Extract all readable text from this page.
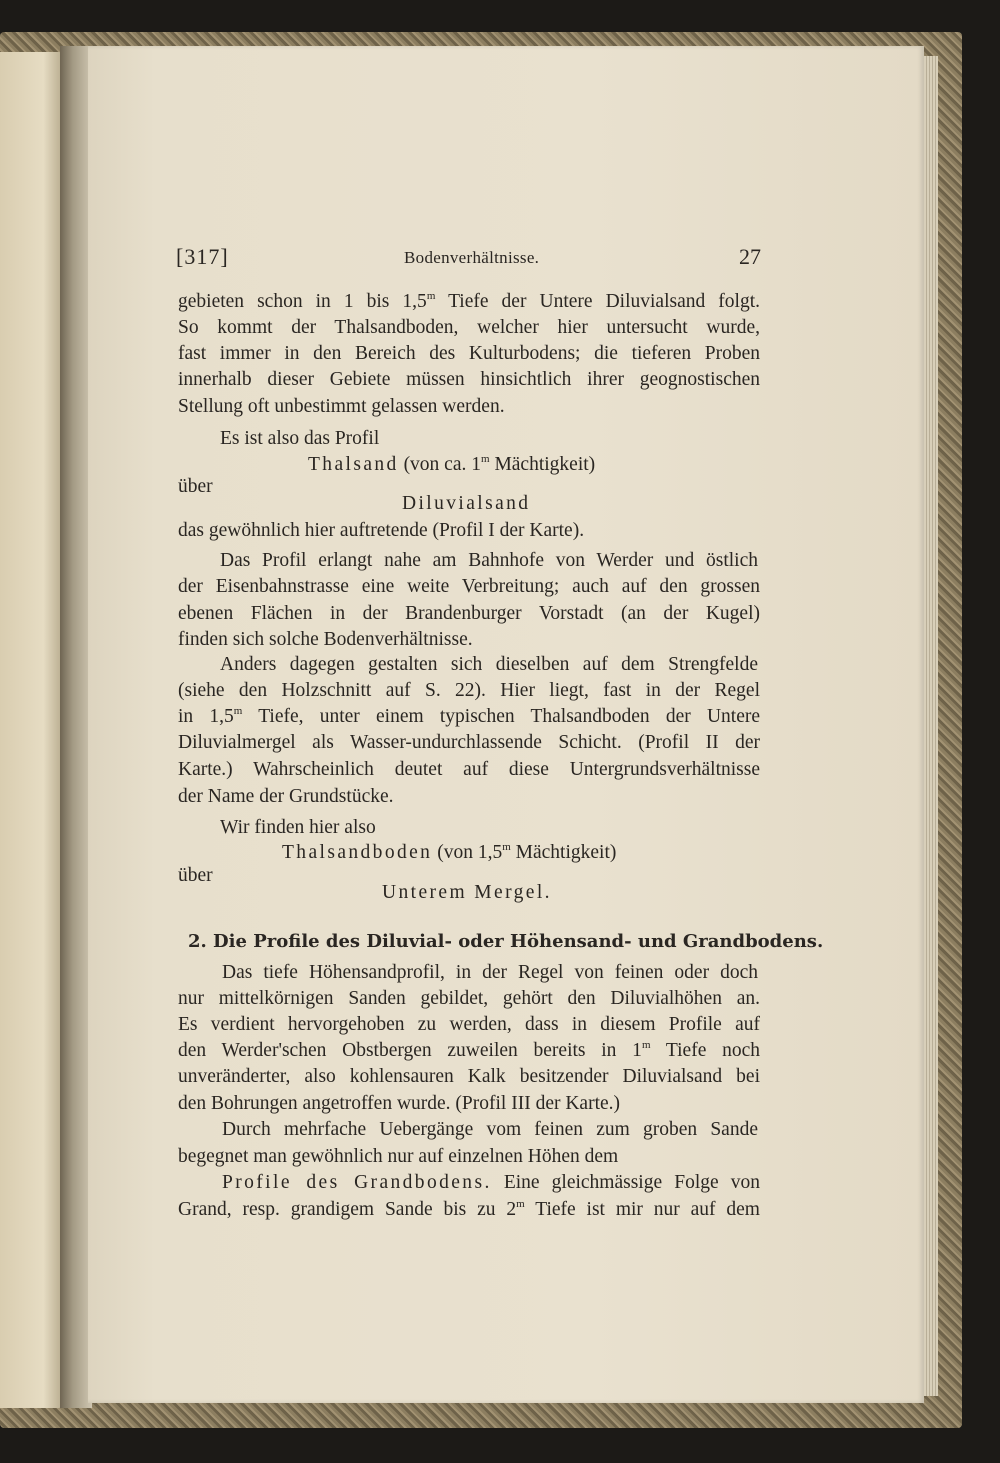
[317]	Bodenverhältnisse.	27
gebieten schon in 1 bis 1,5$^m$ Tiefe der Untere Diluvialsand folgt.
So kommt der Thalsandboden, welcher hier untersucht wurde,
fast immer in den Bereich des Kulturbodens; die tieferen Proben
innerhalb dieser Gebiete müssen hinsichtlich ihrer geognostischen
Stellung oft unbestimmt gelassen werden.
Es ist also das Profil
Thalsand (von ca. 1$^m$ Mächtigkeit)
über
Diluvialsand
das gewöhnlich hier auftretende (Profil I der Karte).
Das Profil erlangt nahe am Bahnhofe von Werder und östlich
der Eisenbahnstrasse eine weite Verbreitung; auch auf den grossen
ebenen Flächen in der Brandenburger Vorstadt (an der Kugel)
finden sich solche Bodenverhältnisse.
Anders dagegen gestalten sich dieselben auf dem Strengfelde
(siehe den Holzschnitt auf S. 22). Hier liegt, fast in der Regel
in 1,5$^m$ Tiefe, unter einem typischen Thalsandboden der Untere
Diluvialmergel als Wasser-undurchlassende Schicht. (Profil II der
Karte.) Wahrscheinlich deutet auf diese Untergrundsverhältnisse
der Name der Grundstücke.
Wir finden hier also
Thalsandboden (von 1,5$^m$ Mächtigkeit)
über
Unterem Mergel.
2. Die Profile des Diluvial- oder Höhensand- und Grandbodens.
Das tiefe Höhensandprofil, in der Regel von feinen oder doch
nur mittelkörnigen Sanden gebildet, gehört den Diluvialhöhen an.
Es verdient hervorgehoben zu werden, dass in diesem Profile auf
den Werder'schen Obstbergen zuweilen bereits in 1$^m$ Tiefe noch
unveränderter, also kohlensauren Kalk besitzender Diluvialsand bei
den Bohrungen angetroffen wurde. (Profil III der Karte.)
Durch mehrfache Uebergänge vom feinen zum groben Sande
begegnet man gewöhnlich nur auf einzelnen Höhen dem
Profile des Grandbodens. Eine gleichmässige Folge von
Grand, resp. grandigem Sande bis zu 2$^m$ Tiefe ist mir nur auf dem
